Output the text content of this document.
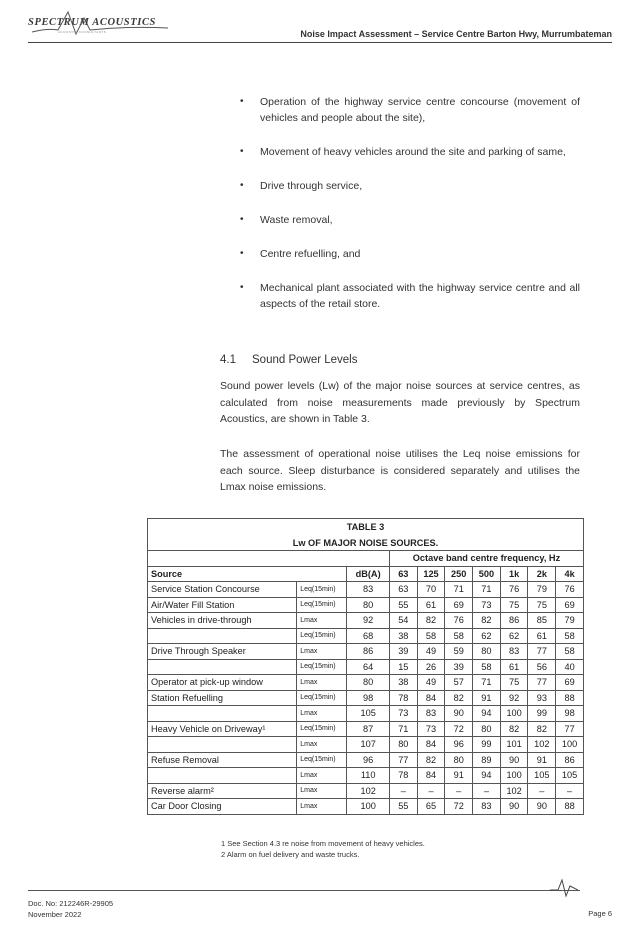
SPECTRUM ACOUSTICS
ACOUSTIC CONSULTANTS	Noise Impact Assessment – Service Centre Barton Hwy, Murrumbateman
• Operation of the highway service centre concourse (movement of vehicles and people about the site),
• Movement of heavy vehicles around the site and parking of same,
• Drive through service,
• Waste removal,
• Centre refuelling, and
• Mechanical plant associated with the highway service centre and all aspects of the retail store.
4.1 Sound Power Levels

Sound power levels (Lw) of the major noise sources at service centres, as calculated from noise measurements made previously by Spectrum Acoustics, are shown in Table 3.

The assessment of operational noise utilises the Leq noise emissions for each source. Sleep disturbance is considered separately and utilises the Lmax noise emissions.

TABLE 3									

Lw OF MAJOR NOISE SOURCES.									
			Octave band centre frequency, Hz						
Source		dB(A)	63	125	250	500	1k	2k	4k
Service Station Concourse	Leq(15min)	83	63	70	71	71	76	79	76
Air/Water Fill Station	Leq(15min)	80	55	61	69	73	75	75	69
Vehicles in drive-through	Lmax	92	54	82	76	82	86	85	79
	Leq(15min)	68	38	58	58	62	62	61	58
Drive Through Speaker	Lmax	86	39	49	59	80	83	77	58
	Leq(15min)	64	15	26	39	58	61	56	40
Operator at pick-up window	Lmax	80	38	49	57	71	75	77	69
Station Refuelling	Leq(15min)	98	78	84	82	91	92	93	88
	Lmax	105	73	83	90	94	100	99	98
Heavy Vehicle on Driveway¹	Leq(15min)	87	71	73	72	80	82	82	77
	Lmax	107	80	84	96	99	101	102	100
Refuse Removal	Leq(15min)	96	77	82	80	89	90	91	86
	Lmax	110	78	84	91	94	100	105	105
Reverse alarm²	Lmax	102	–	–	–	–	102	–	–
Car Door Closing	Lmax	100	55	65	72	83	90	90	88
1 See Section 4.3 re noise from movement of heavy vehicles.
2 Alarm on fuel delivery and waste trucks.
Doc. No: 212246R-29905
November 2022	Page 6
